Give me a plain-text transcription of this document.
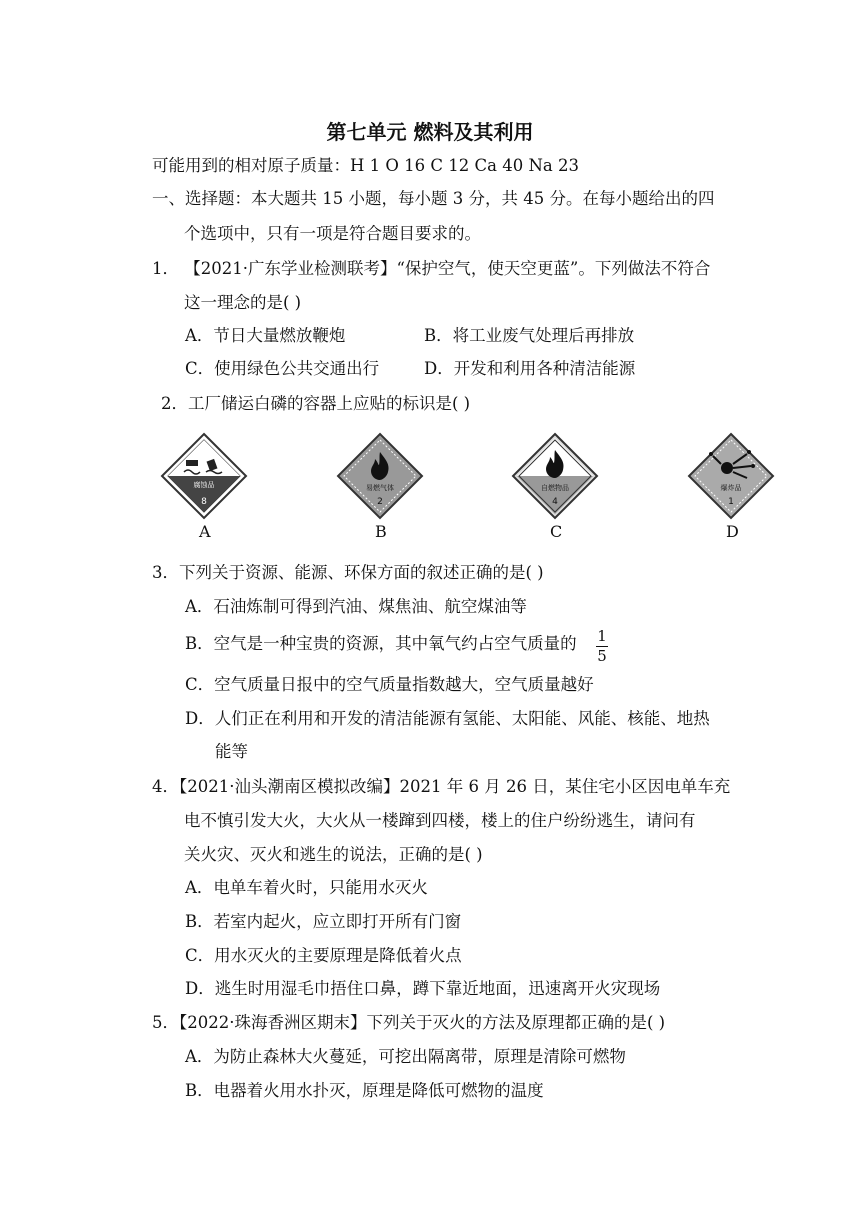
第七单元 燃料及其利用
可能用到的相对原子质量：H 1 O 16 C 12 Ca 40 Na 23
一、选择题：本大题共 15 小题，每小题 3 分，共 45 分。在每小题给出的四
个选项中，只有一项是符合题目要求的。
1． 【2021·广东学业检测联考】“保护空气，使天空更蓝”。下列做法不符合
这一理念的是( )
A．节日大量燃放鞭炮	B．将工业废气处理后再排放
C．使用绿色公共交通出行	D．开发和利用各种清洁能源
2．工厂储运白磷的容器上应贴的标识是( )
腐蚀品
8
A
易燃气体
2
B
自燃物品
4
C
爆炸品
1
D
3．下列关于资源、能源、环保方面的叙述正确的是( )
A．石油炼制可得到汽油、煤焦油、航空煤油等
B．空气是一种宝贵的资源，其中氧气约占空气质量的 1
5
C．空气质量日报中的空气质量指数越大，空气质量越好
D．人们正在利用和开发的清洁能源有氢能、太阳能、风能、核能、地热
能等
4．【2021·汕头潮南区模拟改编】2021 年 6 月 26 日，某住宅小区因电单车充
电不慎引发大火，大火从一楼蹿到四楼，楼上的住户纷纷逃生，请问有
关火灾、灭火和逃生的说法，正确的是( )
A．电单车着火时，只能用水灭火
B．若室内起火，应立即打开所有门窗
C．用水灭火的主要原理是降低着火点
D．逃生时用湿毛巾捂住口鼻，蹲下靠近地面，迅速离开火灾现场
5．【2022·珠海香洲区期末】下列关于灭火的方法及原理都正确的是( )
A．为防止森林大火蔓延，可挖出隔离带，原理是清除可燃物
B．电器着火用水扑灭，原理是降低可燃物的温度
